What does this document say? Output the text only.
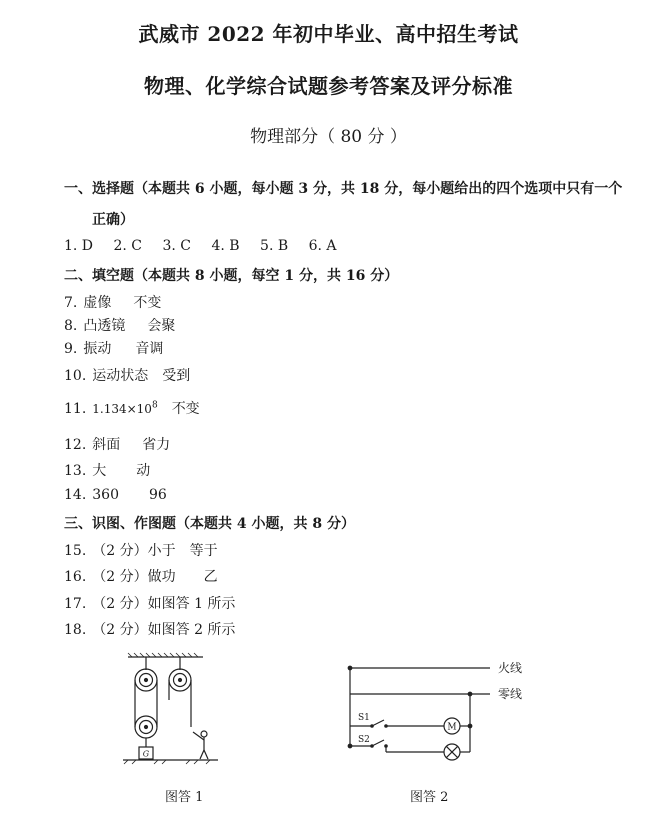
武威市 2022 年初中毕业、高中招生考试
物理、化学综合试题参考答案及评分标准
物理部分（ 80 分 ）
一、选择题（本题共 6 小题，每小题 3 分，共 18 分，每小题给出的四个选项中只有一个
正确）
1. D 2. C 3. C 4. B 5. B 6. A
二、填空题（本题共 8 小题，每空 1 分，共 16 分）
7. 虚像 不变
8. 凸透镜 会聚
9. 振动 音调
10. 运动状态 受到
11. $1.134\times 10^8$ 不变
12. 斜面 省力
13. 大 动
14. 360 96
三、识图、作图题（本题共 4 小题，共 8 分）
15. （2 分）小于 等于
16. （2 分）做功 乙
17. （2 分）如图答 1 所示
18. （2 分）如图答 2 所示
G
图答 1
火线
零线
S1
S2
M
图答 2
